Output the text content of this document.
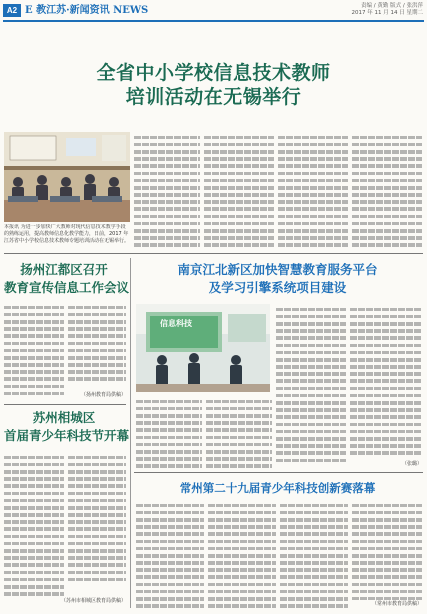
A2 E 教江苏·新闻资讯 NEWS	责编 / 黄勤 版式 / 张洪萍
2017 年 11 月 14 日 星期二
全省中小学校信息技术教师
培训活动在无锡举行
本报讯 为进一步加快广大教师对现代信息技术教学手段的熟练运用，提高教师信息化教学能力，日前，2017 年江苏省中小学校信息技术教师专题培训活动在无锡举行。
扬州江都区召开
教育宣传信息工作会议
（扬州教育局供稿）
苏州相城区
首届青少年科技节开幕
（苏州市相城区教育局供稿）
南京江北新区加快智慧教育服务平台
及学习引擎系统项目建设
信息科技
（张璐）
常州第二十九届青少年科技创新赛落幕
（常州市教育局供稿）
